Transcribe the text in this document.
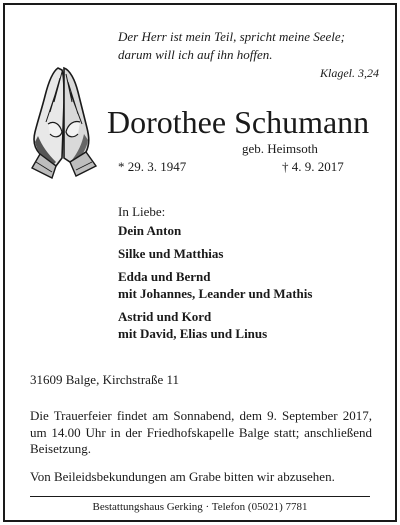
Der Herr ist mein Teil, spricht meine Seele;
darum will ich auf ihn hoffen.
Klagel. 3,24
Dorothee Schumann
geb. Heimsoth
* 29. 3. 1947	† 4. 9. 2017
In Liebe:
Dein Anton
Silke und Matthias
Edda und Bernd
mit Johannes, Leander und Mathis
Astrid und Kord
mit David, Elias und Linus
31609 Balge, Kirchstraße 11

Die Trauerfeier findet am Sonnabend, dem 9. September 2017, um 14.00 Uhr in der Friedhofskapelle Balge statt; anschließend Beisetzung.

Von Beileidsbekundungen am Grabe bitten wir abzusehen.
Bestattungshaus Gerking · Telefon (05021) 7781
